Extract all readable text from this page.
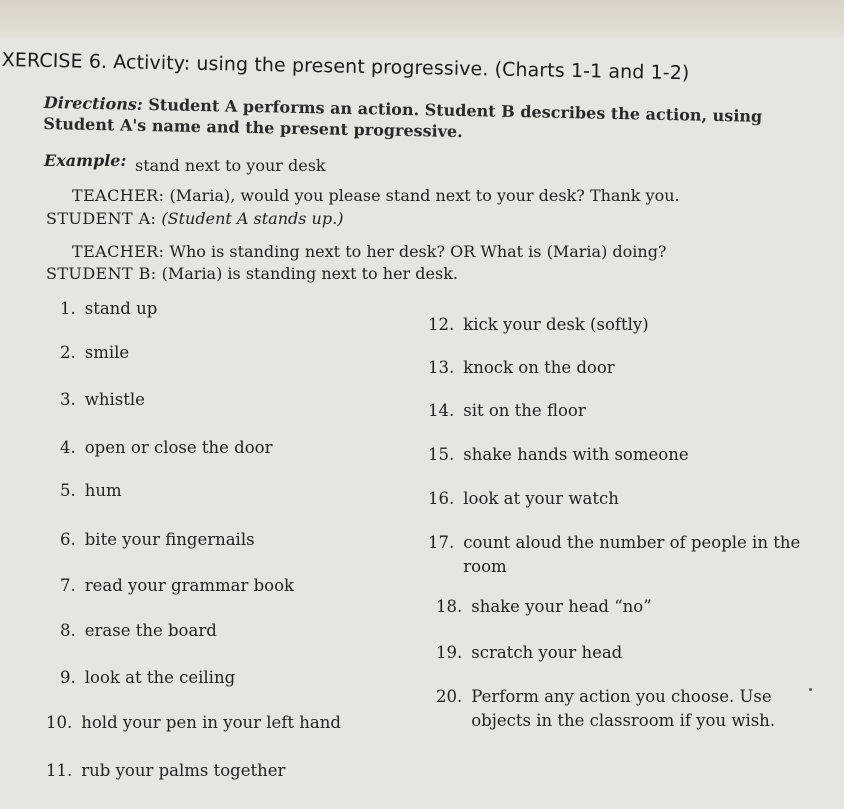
XERCISE 6. Activity: using the present progressive. (Charts 1-1 and 1-2)
Directions: Student A performs an action. Student B describes the action, using Student A's name and the present progressive.
Example: stand next to your desk
TEACHER: (Maria), would you please stand next to your desk? Thank you.
STUDENT A: (Student A stands up.)
TEACHER: Who is standing next to her desk? OR What is (Maria) doing?
STUDENT B: (Maria) is standing next to her desk.
1. stand up
2. smile
3. whistle
4. open or close the door
5. hum
6. bite your fingernails
7. read your grammar book
8. erase the board
9. look at the ceiling
10. hold your pen in your left hand
11. rub your palms together
12. kick your desk (softly)
13. knock on the door
14. sit on the floor
15. shake hands with someone
16. look at your watch
17. count aloud the number of people in the room
18. shake your head “no”
19. scratch your head
20. Perform any action you choose. Use objects in the classroom if you wish.
